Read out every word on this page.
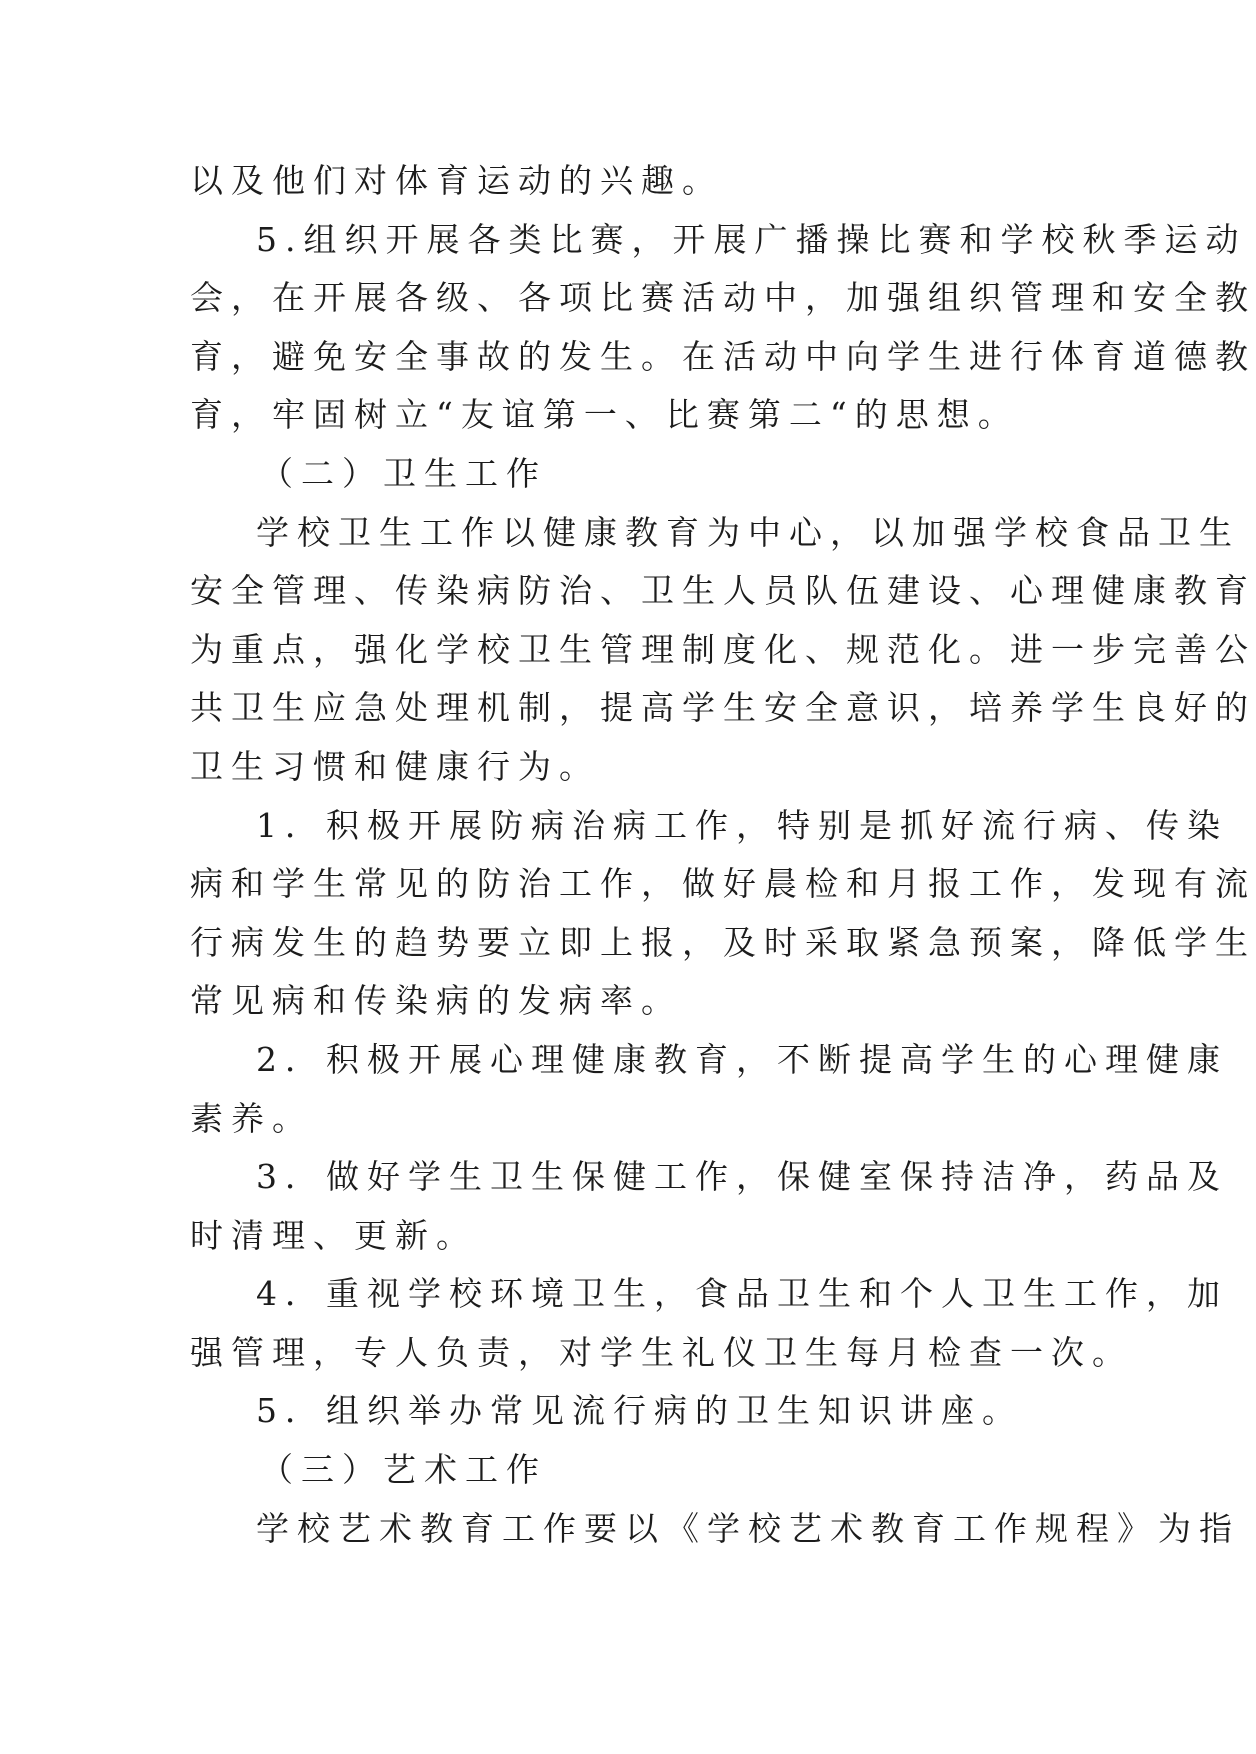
以及他们对体育运动的兴趣。
5.组织开展各类比赛，开展广播操比赛和学校秋季运动
会，在开展各级、各项比赛活动中，加强组织管理和安全教
育，避免安全事故的发生。在活动中向学生进行体育道德教
育，牢固树立“友谊第一、比赛第二“的思想。
（二）卫生工作
学校卫生工作以健康教育为中心，以加强学校食品卫生
安全管理、传染病防治、卫生人员队伍建设、心理健康教育
为重点，强化学校卫生管理制度化、规范化。进一步完善公
共卫生应急处理机制，提高学生安全意识，培养学生良好的
卫生习惯和健康行为。
1．积极开展防病治病工作，特别是抓好流行病、传染
病和学生常见的防治工作，做好晨检和月报工作，发现有流
行病发生的趋势要立即上报，及时采取紧急预案，降低学生
常见病和传染病的发病率。
2．积极开展心理健康教育，不断提高学生的心理健康
素养。
3．做好学生卫生保健工作，保健室保持洁净，药品及
时清理、更新。
4．重视学校环境卫生，食品卫生和个人卫生工作，加
强管理，专人负责，对学生礼仪卫生每月检查一次。
5．组织举办常见流行病的卫生知识讲座。
（三）艺术工作
学校艺术教育工作要以《学校艺术教育工作规程》为指
